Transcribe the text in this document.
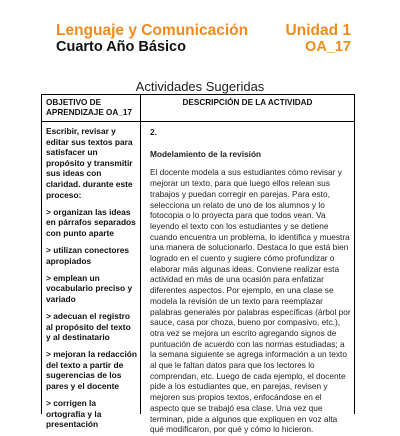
Lenguaje y Comunicación
Cuarto Año Básico
Unidad 1
OA_17
Actividades Sugeridas
OBJETIVO DE APRENDIZAJE OA_17
DESCRIPCIÓN DE LA ACTIVIDAD

Escribir, revisar y editar sus textos para satisfacer un propósito y transmitir sus ideas con claridad. durante este proceso:

> organizan las ideas en párrafos separados con punto aparte

> utilizan conectores apropiados

> emplean un vocabulario preciso y variado

> adecuan el registro al propósito del texto y al destinatario

> mejoran la redacción del texto a partir de sugerencias de los pares y el docente

> corrigen la ortografía y la presentación

2.

Modelamiento de la revisión

El docente modela a sus estudiantes cómo revisar y mejorar un texto, para que luego ellos relean sus trabajos y puedan corregir en parejas. Para esto, selecciona un relato de uno de los alumnos y lo fotocopia o lo proyecta para que todos vean. Va leyendo el texto con los estudiantes y se detiene cuando encuentra un problema, lo identifica y muestra una manera de solucionarlo. Destaca lo que está bien logrado en el cuento y sugiere cómo profundizar o elaborar más algunas ideas. Conviene realizar esta actividad en más de una ocasión para enfatizar diferentes aspectos. Por ejemplo, en una clase se modela la revisión de un texto para reemplazar palabras generales por palabras específicas (árbol por sauce, casa por choza, bueno por compasivo, etc.), otra vez se mejora un escrito agregando signos de puntuación de acuerdo con las normas estudiadas; a la semana siguiente se agrega información a un texto al que le faltan datos para que los lectores lo comprendan, etc. Luego de cada ejemplo, el docente pide a los estudiantes que, en parejas, revisen y mejoren sus propios textos, enfocándose en el aspecto que se trabajó esa clase. Una vez que terminan, pide a algunos que expliquen en voz alta qué modificaron, por qué y cómo lo hicieron.
